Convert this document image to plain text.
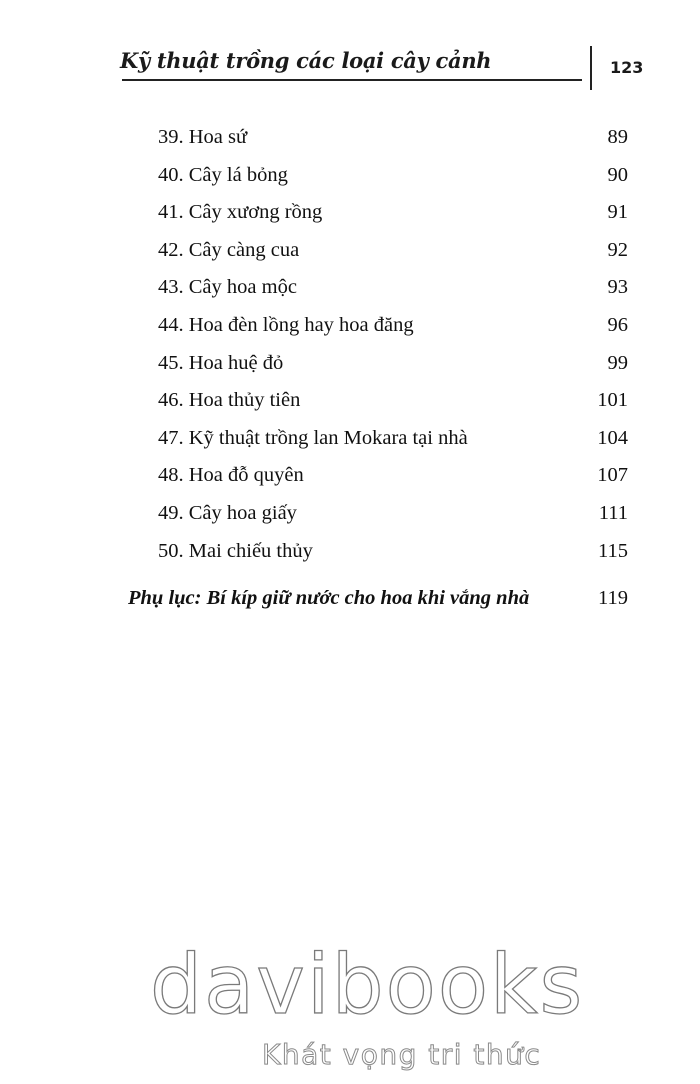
Kỹ thuật trồng các loại cây cảnh	123
39. Hoa sứ	89
40. Cây lá bỏng	90
41. Cây xương rồng	91
42. Cây càng cua	92
43. Cây hoa mộc	93
44. Hoa đèn lồng hay hoa đăng	96
45. Hoa huệ đỏ	99
46. Hoa thủy tiên	101
47. Kỹ thuật trồng lan Mokara tại nhà	104
48. Hoa đỗ quyên	107
49. Cây hoa giấy	111
50. Mai chiếu thủy	115
Phụ lục: Bí kíp giữ nước cho hoa khi vắng nhà	119
davibooks
Khát vọng tri thức
